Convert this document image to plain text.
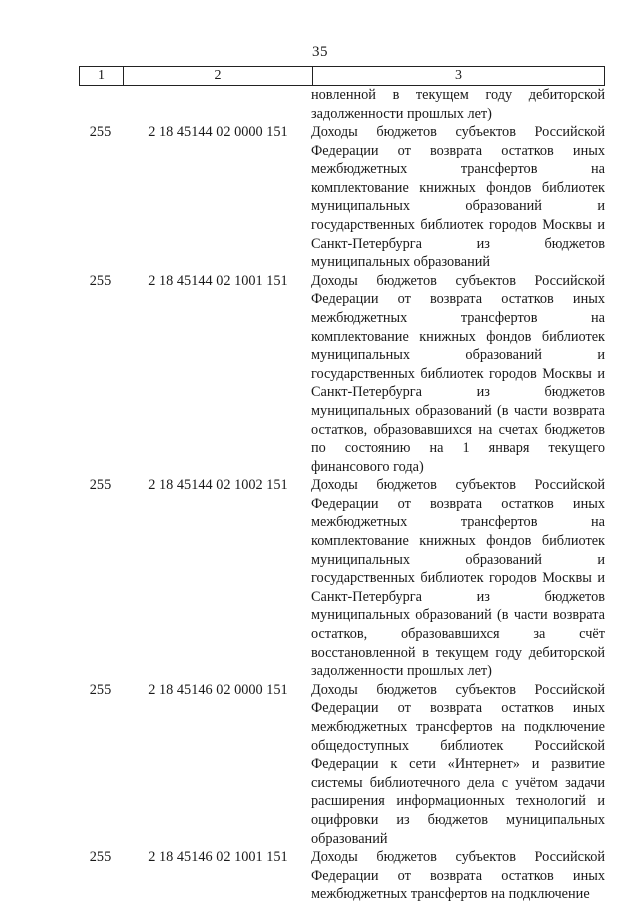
35
1	2	3

новленной в текущем году дебиторской задолженности прошлых лет)

255	2 18 45144 02 0000 151	Доходы бюджетов субъектов Российской Федерации от возврата остатков иных межбюджетных трансфертов на комплектование книжных фондов библиотек муниципальных образований и государственных библиотек городов Москвы и Санкт-Петербурга из бюджетов муниципальных образований
255	2 18 45144 02 1001 151	Доходы бюджетов субъектов Российской Федерации от возврата остатков иных межбюджетных трансфертов на комплектование книжных фондов библиотек муниципальных образований и государственных библиотек городов Москвы и Санкт-Петербурга из бюджетов муниципальных образований (в части возврата остатков, образовавшихся на счетах бюджетов по состоянию на 1 января текущего финансового года)
255	2 18 45144 02 1002 151	Доходы бюджетов субъектов Российской Федерации от возврата остатков иных межбюджетных трансфертов на комплектование книжных фондов библиотек муниципальных образований и государственных библиотек городов Москвы и Санкт-Петербурга из бюджетов муниципальных образований (в части возврата остатков, образовавшихся за счёт восстановленной в текущем году дебиторской задолженности прошлых лет)
255	2 18 45146 02 0000 151	Доходы бюджетов субъектов Российской Федерации от возврата остатков иных межбюджетных трансфертов на подключение общедоступных библиотек Российской Федерации к сети «Интернет» и развитие системы библиотечного дела с учётом задачи расширения информационных технологий и оцифровки из бюджетов муниципальных образований
255	2 18 45146 02 1001 151	Доходы бюджетов субъектов Российской Федерации от возврата остатков иных межбюджетных трансфертов на подключение
